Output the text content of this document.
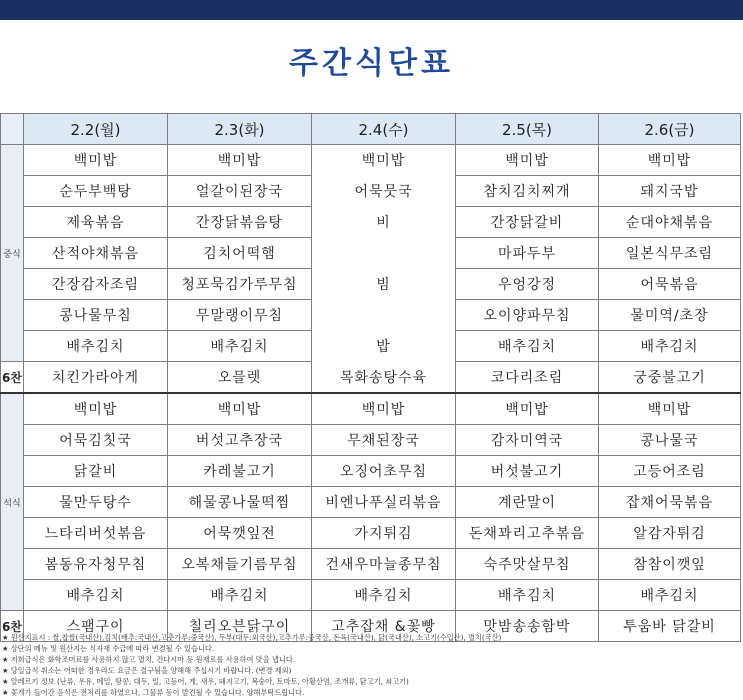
주간식단표
	2.2(월)	2.3(화)	2.4(수)	2.5(목)	2.6(금)
중식	백미밥	백미밥	백미밥	백미밥	백미밥
	순두부백탕	얼갈이된장국	어묵뭇국	참치김치찌개	돼지국밥
	제육볶음	간장닭볶음탕	비	간장닭갈비	순대야채볶음
	산적야채볶음	김치어떡햄		마파두부	일본식무조림
	간장감자조림	청포묵김가루무침	빔	우엉강정	어묵볶음
	콩나물무침	무말랭이무침		오이양파무침	물미역/초장
	배추김치	배추김치	밥	배추김치	배추김치
6찬	치킨가라아게	오믈렛	목화송탕수육	코다리조림	궁중불고기
석식	백미밥	백미밥	백미밥	백미밥	백미밥
	어묵김칫국	버섯고추장국	무채된장국	감자미역국	콩나물국
	닭갈비	카레불고기	오징어초무침	버섯불고기	고등어조림
	물만두탕수	해물콩나물떡찜	비엔나푸실리볶음	계란말이	잡채어묵볶음
	느타리버섯볶음	어묵깻잎전	가지튀김	돈채꽈리고추볶음	알감자튀김
	봄동유자청무침	오복채들기름무침	건새우마늘종무침	숙주맛살무침	참참이깻잎
	배추김치	배추김치	배추김치	배추김치	배추김치
6찬	스팸구이	칠리오븐닭구이	고추잡채 &꽃빵	맛밤송송함박	투움바 닭갈비
★ 원산지표시 : 쌀,찹쌀(국내산),김치(배추:국내산,고춧가루:중국산), 두부(대두:외국산),고추가루:중국산, 돈육(국내산), 닭(국내산), 소고기(수입산), 멸치(국산)
★ 상단의 메뉴 및 원산지는 식자재 수급에 따라 변경될 수 있습니다.
★ 저희급식은 화학조미료를 사용하지 않고 멸치, 건다시마 등 원재료를 사용하여 맛을 냅니다.
★ 당일급식 취소는 어떠한 경우라도 요금은 결구됨을 양해해 주십시기 바랍니다. (변경 제외)
★ 알레르기 정보 (난류, 우유, 메밀, 땅콩, 대두, 밀, 고등어, 게, 새우, 돼지고기, 복숭아, 토마토, 아황산염, 조개류, 닭고기, 쇠고기)
★ 꽃게가 들어간 음식은 전처리를 하였으나, 그물류 등이 발견될 수 있습니다. 양해부탁드립니다.
